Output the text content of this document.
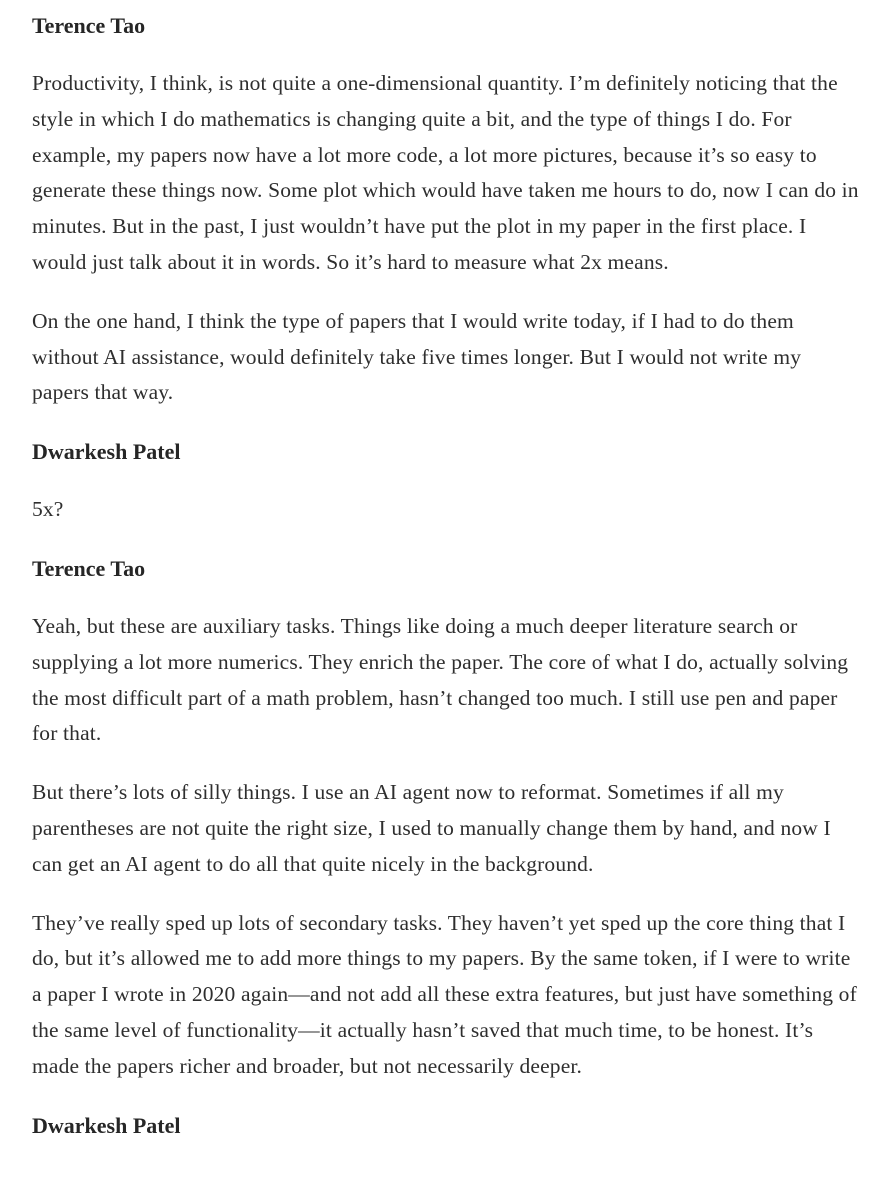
Terence Tao

Productivity, I think, is not quite a one-dimensional quantity. I’m definitely noticing that the style in which I do mathematics is changing quite a bit, and the type of things I do. For example, my papers now have a lot more code, a lot more pictures, because it’s so easy to generate these things now. Some plot which would have taken me hours to do, now I can do in minutes. But in the past, I just wouldn’t have put the plot in my paper in the first place. I would just talk about it in words. So it’s hard to measure what 2x means.

On the one hand, I think the type of papers that I would write today, if I had to do them without AI assistance, would definitely take five times longer. But I would not write my papers that way.

Dwarkesh Patel

5x?

Terence Tao

Yeah, but these are auxiliary tasks. Things like doing a much deeper literature search or supplying a lot more numerics. They enrich the paper. The core of what I do, actually solving the most difficult part of a math problem, hasn’t changed too much. I still use pen and paper for that.

But there’s lots of silly things. I use an AI agent now to reformat. Sometimes if all my parentheses are not quite the right size, I used to manually change them by hand, and now I can get an AI agent to do all that quite nicely in the background.

They’ve really sped up lots of secondary tasks. They haven’t yet sped up the core thing that I do, but it’s allowed me to add more things to my papers. By the same token, if I were to write a paper I wrote in 2020 again—and not add all these extra features, but just have something of the same level of functionality—it actually hasn’t saved that much time, to be honest. It’s made the papers richer and broader, but not necessarily deeper.

Dwarkesh Patel
